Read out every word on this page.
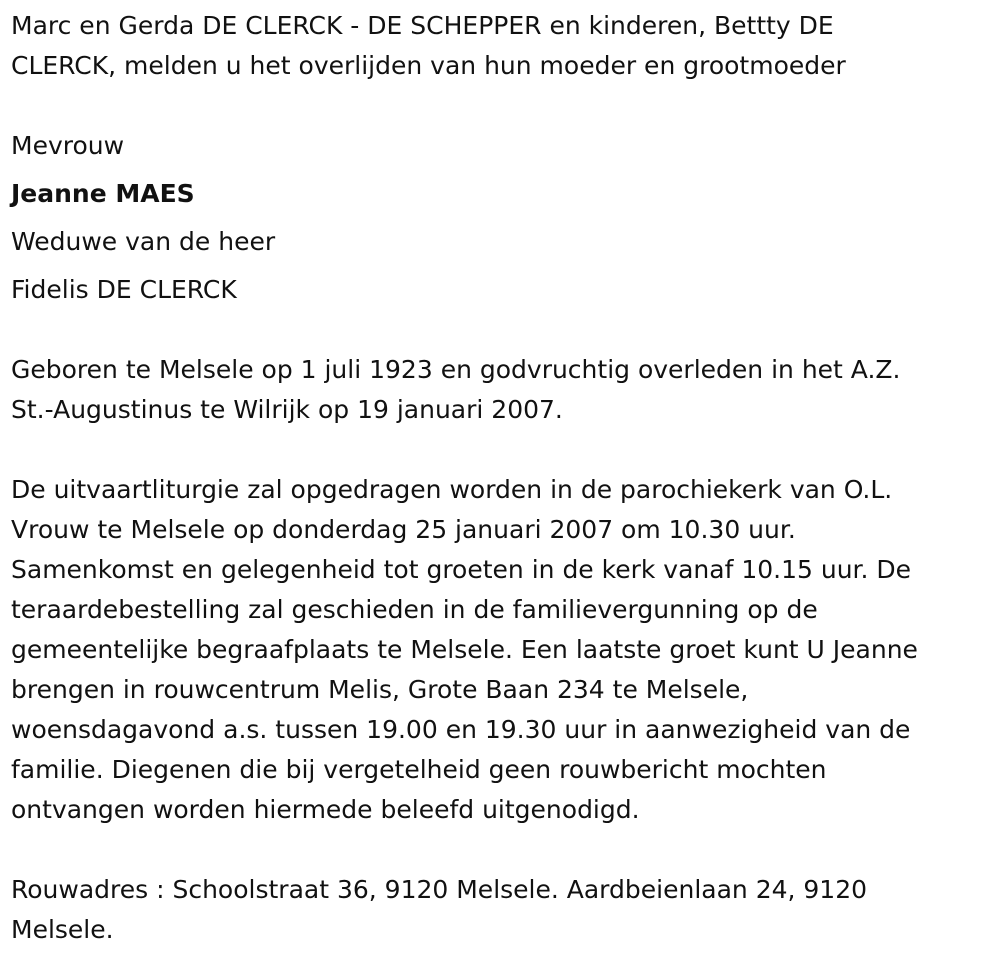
Marc en Gerda DE CLERCK - DE SCHEPPER en kinderen, Bettty DE
CLERCK, melden u het overlijden van hun moeder en grootmoeder

Mevrouw

Jeanne MAES

Weduwe van de heer

Fidelis DE CLERCK

Geboren te Melsele op 1 juli 1923 en godvruchtig overleden in het A.Z.
St.-Augustinus te Wilrijk op 19 januari 2007.

De uitvaartliturgie zal opgedragen worden in de parochiekerk van O.L.
Vrouw te Melsele op donderdag 25 januari 2007 om 10.30 uur.
Samenkomst en gelegenheid tot groeten in de kerk vanaf 10.15 uur. De
teraardebestelling zal geschieden in de familievergunning op de
gemeentelijke begraafplaats te Melsele. Een laatste groet kunt U Jeanne
brengen in rouwcentrum Melis, Grote Baan 234 te Melsele,
woensdagavond a.s. tussen 19.00 en 19.30 uur in aanwezigheid van de
familie. Diegenen die bij vergetelheid geen rouwbericht mochten
ontvangen worden hiermede beleefd uitgenodigd.

Rouwadres : Schoolstraat 36, 9120 Melsele. Aardbeienlaan 24, 9120
Melsele.
